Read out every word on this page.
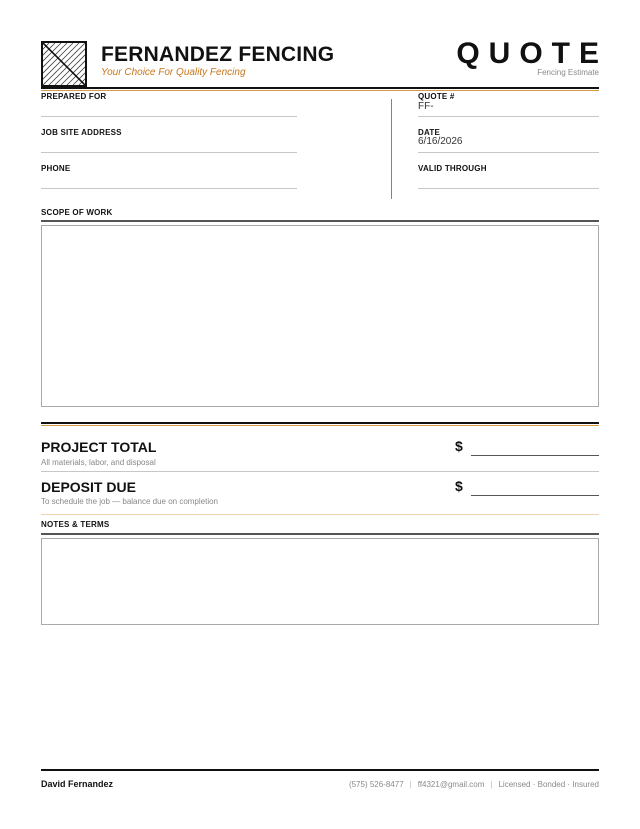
FERNANDEZ FENCING
Your Choice For Quality Fencing
QUOTE
Fencing Estimate
PREPARED FOR
JOB SITE ADDRESS
PHONE
QUOTE #
FF-
DATE
6/16/2026
VALID THROUGH
SCOPE OF WORK
PROJECT TOTAL
All materials, labor, and disposal
$
DEPOSIT DUE
To schedule the job — balance due on completion
$
NOTES & TERMS
David Fernandez	(575) 526-8477 | ff4321@gmail.com | Licensed · Bonded · Insured
